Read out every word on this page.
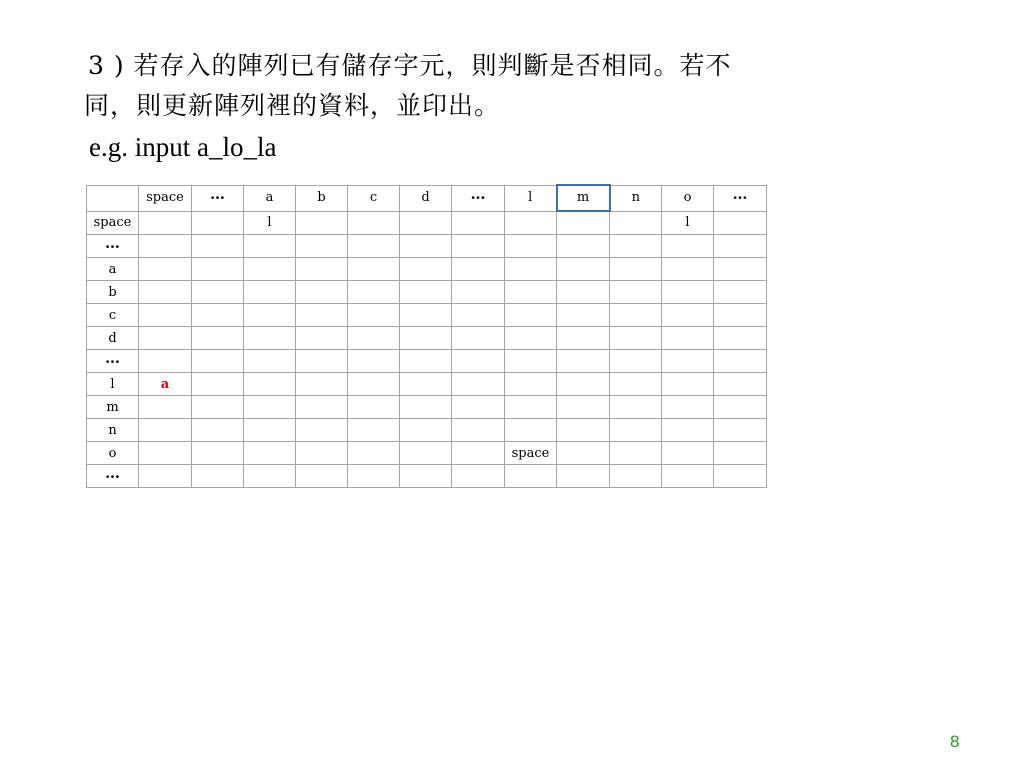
3 ) 若存入的陣列已有儲存字元，則判斷是否相同。若不
同，則更新陣列裡的資料，並印出。
e.g. input a_lo_la
	space	…	a	b	c	d	…	l	m	n	o	…
space			l								l	
…												
a												
b												
c												
d												
…												
l	a											
m												
n												
o								space				
…												
8
